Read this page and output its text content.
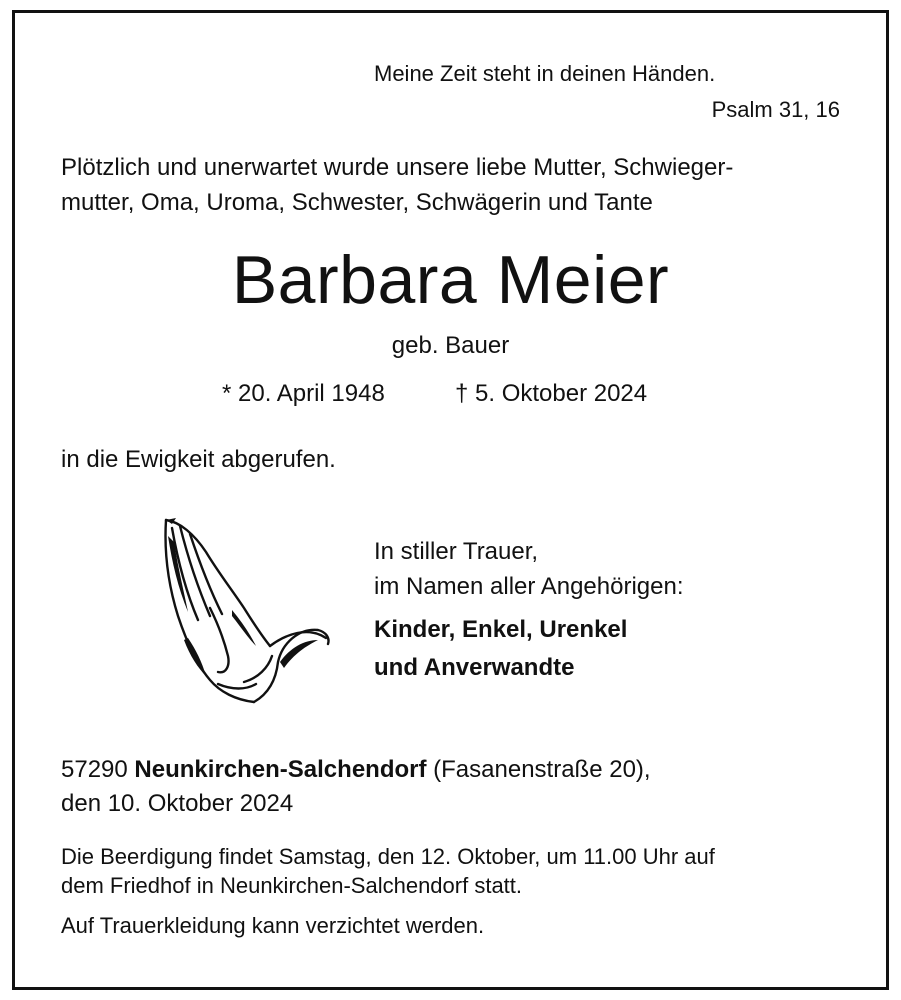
Meine Zeit steht in deinen Händen.
Psalm 31, 16
Plötzlich und unerwartet wurde unsere liebe Mutter, Schwieger-
mutter, Oma, Uroma, Schwester, Schwägerin und Tante
Barbara Meier
geb. Bauer
* 20. April 1948	† 5. Oktober 2024
in die Ewigkeit abgerufen.
In stiller Trauer,
im Namen aller Angehörigen:
Kinder, Enkel, Urenkel
und Anverwandte
57290 Neunkirchen-Salchendorf (Fasanenstraße 20),
den 10. Oktober 2024
Die Beerdigung findet Samstag, den 12. Oktober, um 11.00 Uhr auf
dem Friedhof in Neunkirchen-Salchendorf statt.
Auf Trauerkleidung kann verzichtet werden.
